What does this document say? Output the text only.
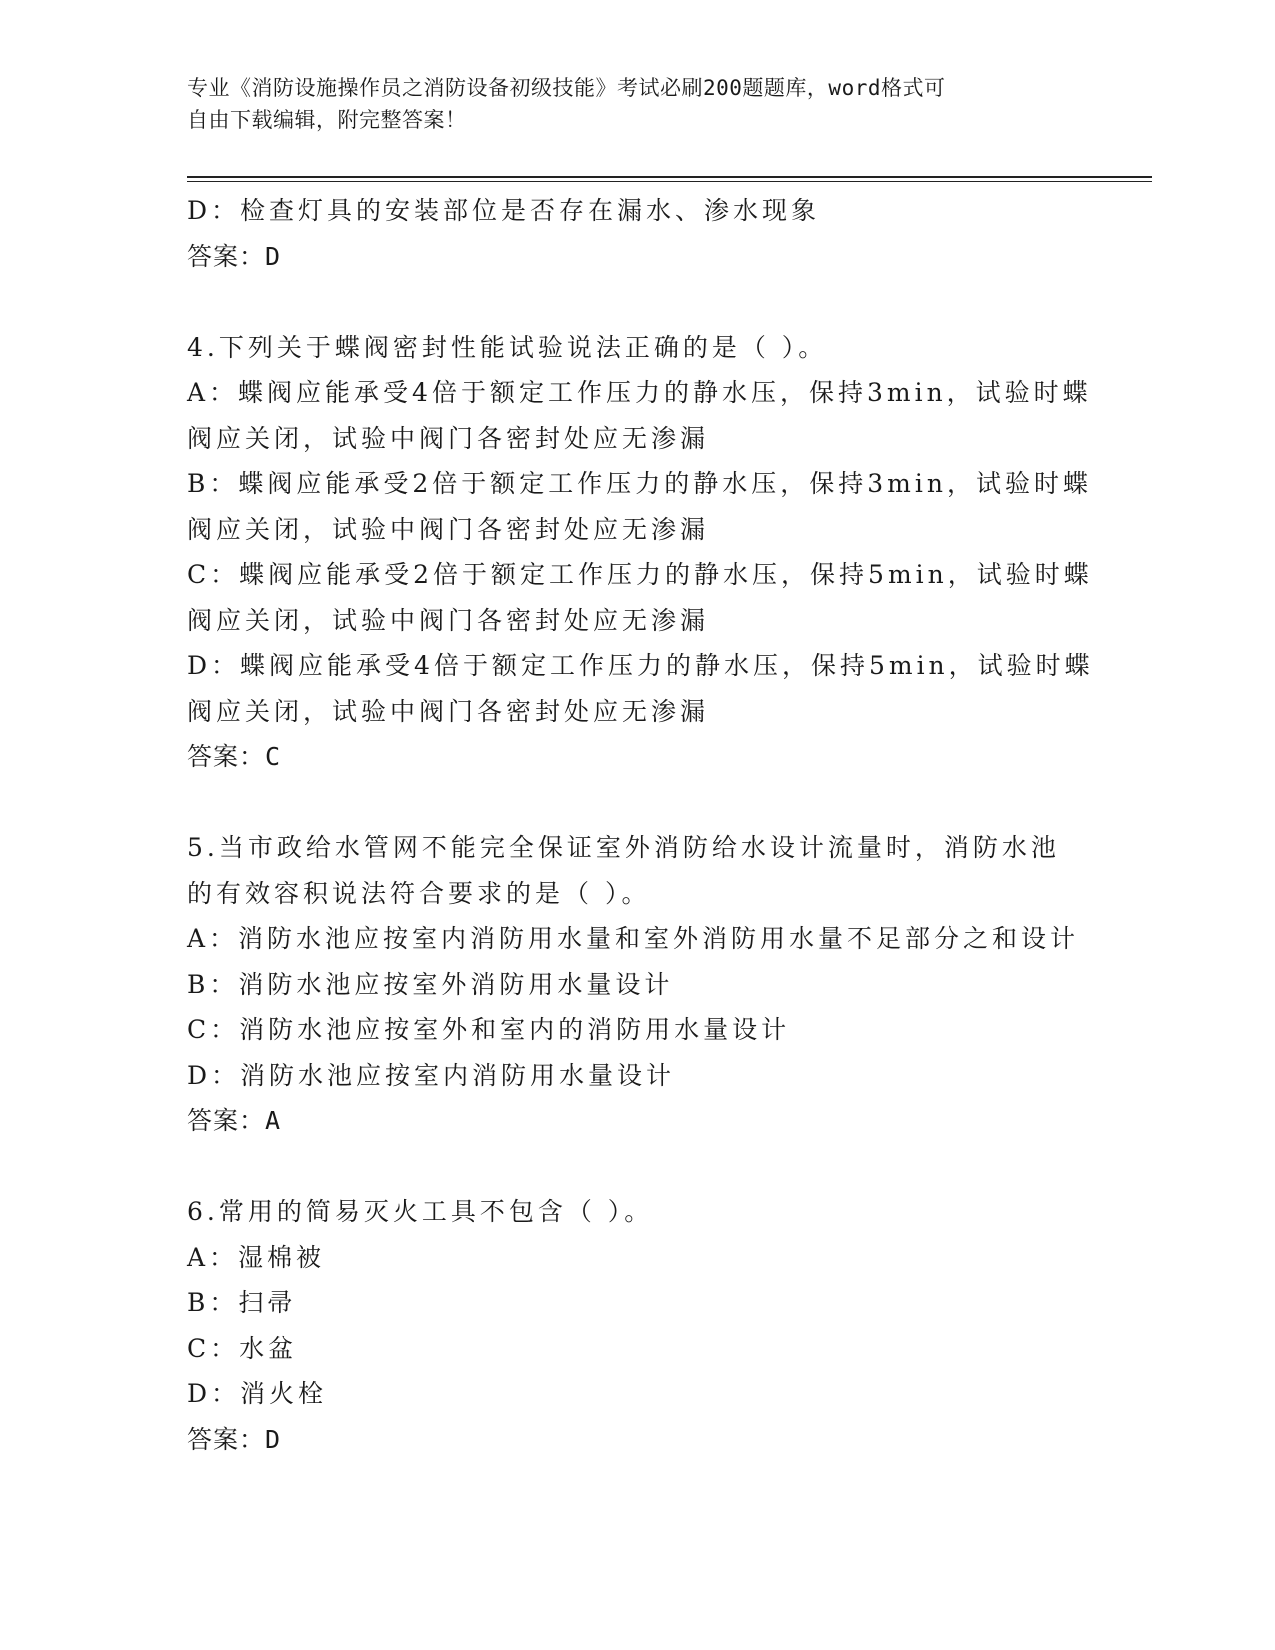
专业《消防设施操作员之消防设备初级技能》考试必刷200题题库，word格式可
自由下载编辑，附完整答案！
D：检查灯具的安装部位是否存在漏水、渗水现象
答案：D
4.下列关于蝶阀密封性能试验说法正确的是（ ）。
A：蝶阀应能承受4倍于额定工作压力的静水压，保持3min，试验时蝶
阀应关闭，试验中阀门各密封处应无渗漏
B：蝶阀应能承受2倍于额定工作压力的静水压，保持3min，试验时蝶
阀应关闭，试验中阀门各密封处应无渗漏
C：蝶阀应能承受2倍于额定工作压力的静水压，保持5min，试验时蝶
阀应关闭，试验中阀门各密封处应无渗漏
D：蝶阀应能承受4倍于额定工作压力的静水压，保持5min，试验时蝶
阀应关闭，试验中阀门各密封处应无渗漏
答案：C
5.当市政给水管网不能完全保证室外消防给水设计流量时，消防水池
的有效容积说法符合要求的是（ ）。
A：消防水池应按室内消防用水量和室外消防用水量不足部分之和设计
B：消防水池应按室外消防用水量设计
C：消防水池应按室外和室内的消防用水量设计
D：消防水池应按室内消防用水量设计
答案：A
6.常用的简易灭火工具不包含（ ）。
A：湿棉被
B：扫帚
C：水盆
D：消火栓
答案：D
